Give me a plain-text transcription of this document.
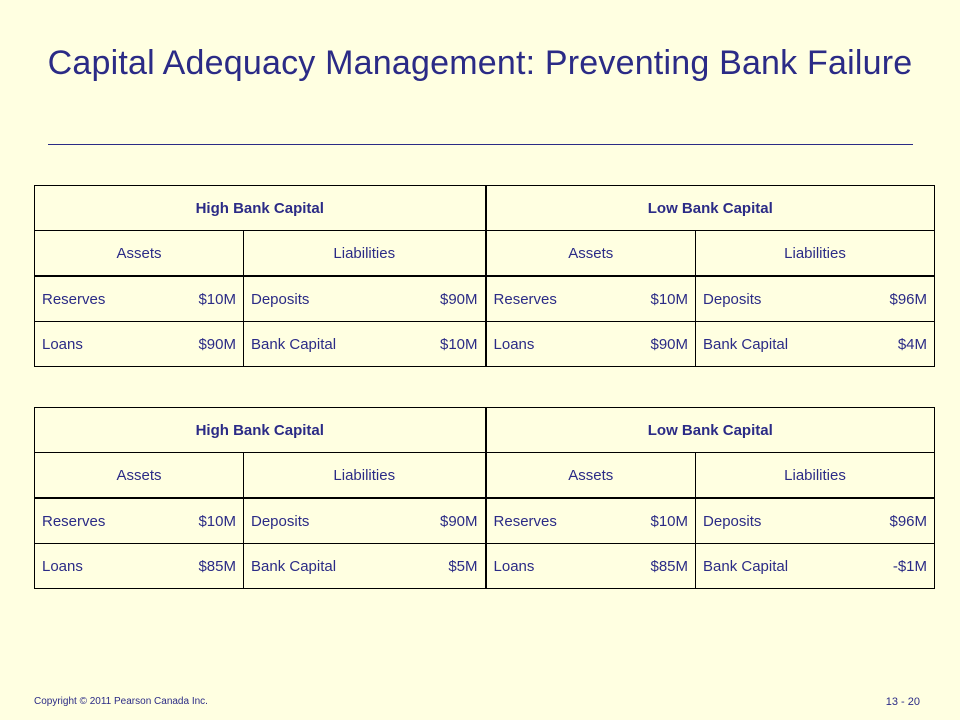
Capital Adequacy Management: Preventing Bank Failure
High Bank Capital		Low Bank Capital	
Assets	Liabilities	Assets	Liabilities

Reserves $10M	Deposits $90M	Reserves $10M	Deposits $96M

Loans $90M	Bank Capital $10M	Loans $90M	Bank Capital $4M
High Bank Capital		Low Bank Capital	
Assets	Liabilities	Assets	Liabilities

Reserves $10M	Deposits $90M	Reserves $10M	Deposits $96M

Loans $85M	Bank Capital $5M	Loans $85M	Bank Capital -$1M
Copyright © 2011 Pearson Canada Inc.	13 - 20
